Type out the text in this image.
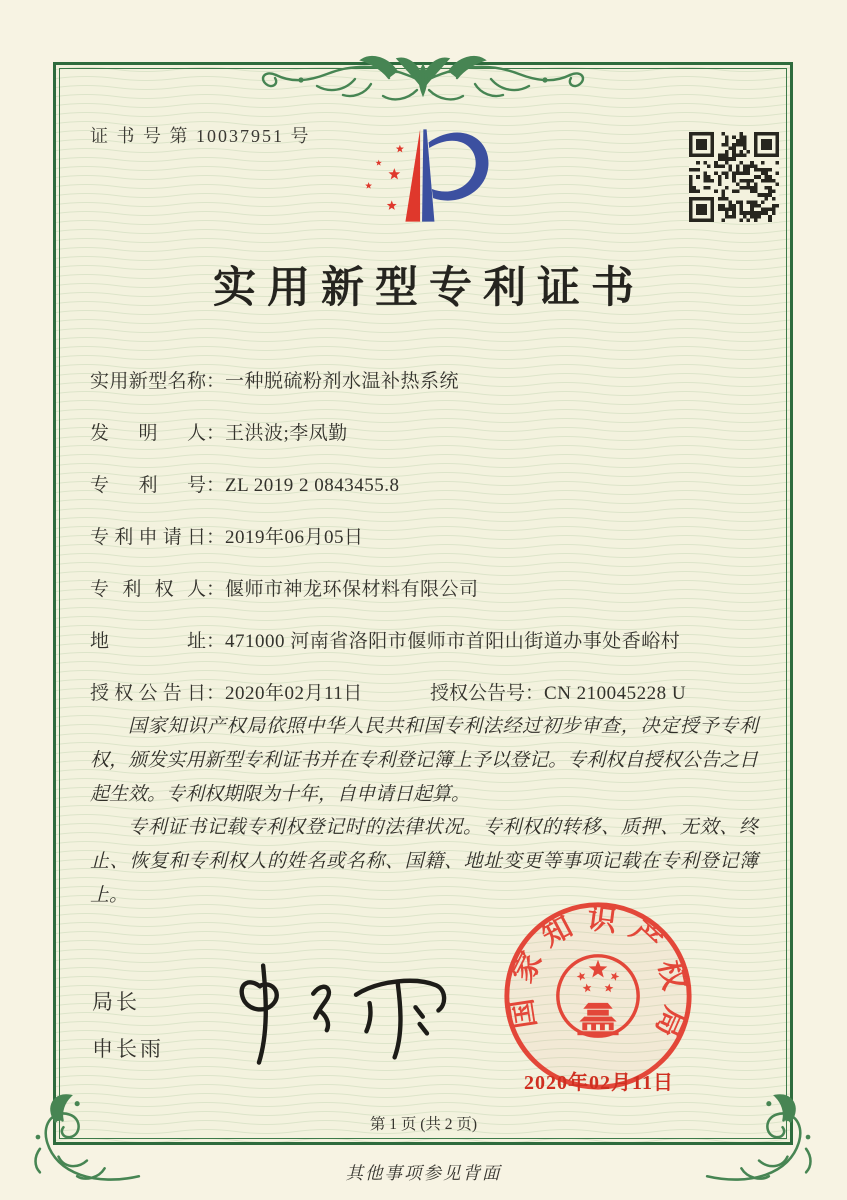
证 书 号 第 10037951 号
实用新型专利证书
实用新型名称：一种脱硫粉剂水温补热系统
发明人：王洪波;李凤勤
专利号：ZL 2019 2 0843455.8
专利申请日：2019年06月05日
专利权人：偃师市神龙环保材料有限公司
地址：471000 河南省洛阳市偃师市首阳山街道办事处香峪村
授权公告日：2020年02月11日	授权公告号：CN 210045228 U

国家知识产权局依照中华人民共和国专利法经过初步审查，决定授予专利权，颁发实用新型专利证书并在专利登记簿上予以登记。专利权自授权公告之日起生效。专利权期限为十年，自申请日起算。

专利证书记载专利权登记时的法律状况。专利权的转移、质押、无效、终止、恢复和专利权人的姓名或名称、国籍、地址变更等事项记载在专利登记簿上。

局长
申长雨
国家知识产权局
2020年02月11日
第 1 页 (共 2 页)
其他事项参见背面
